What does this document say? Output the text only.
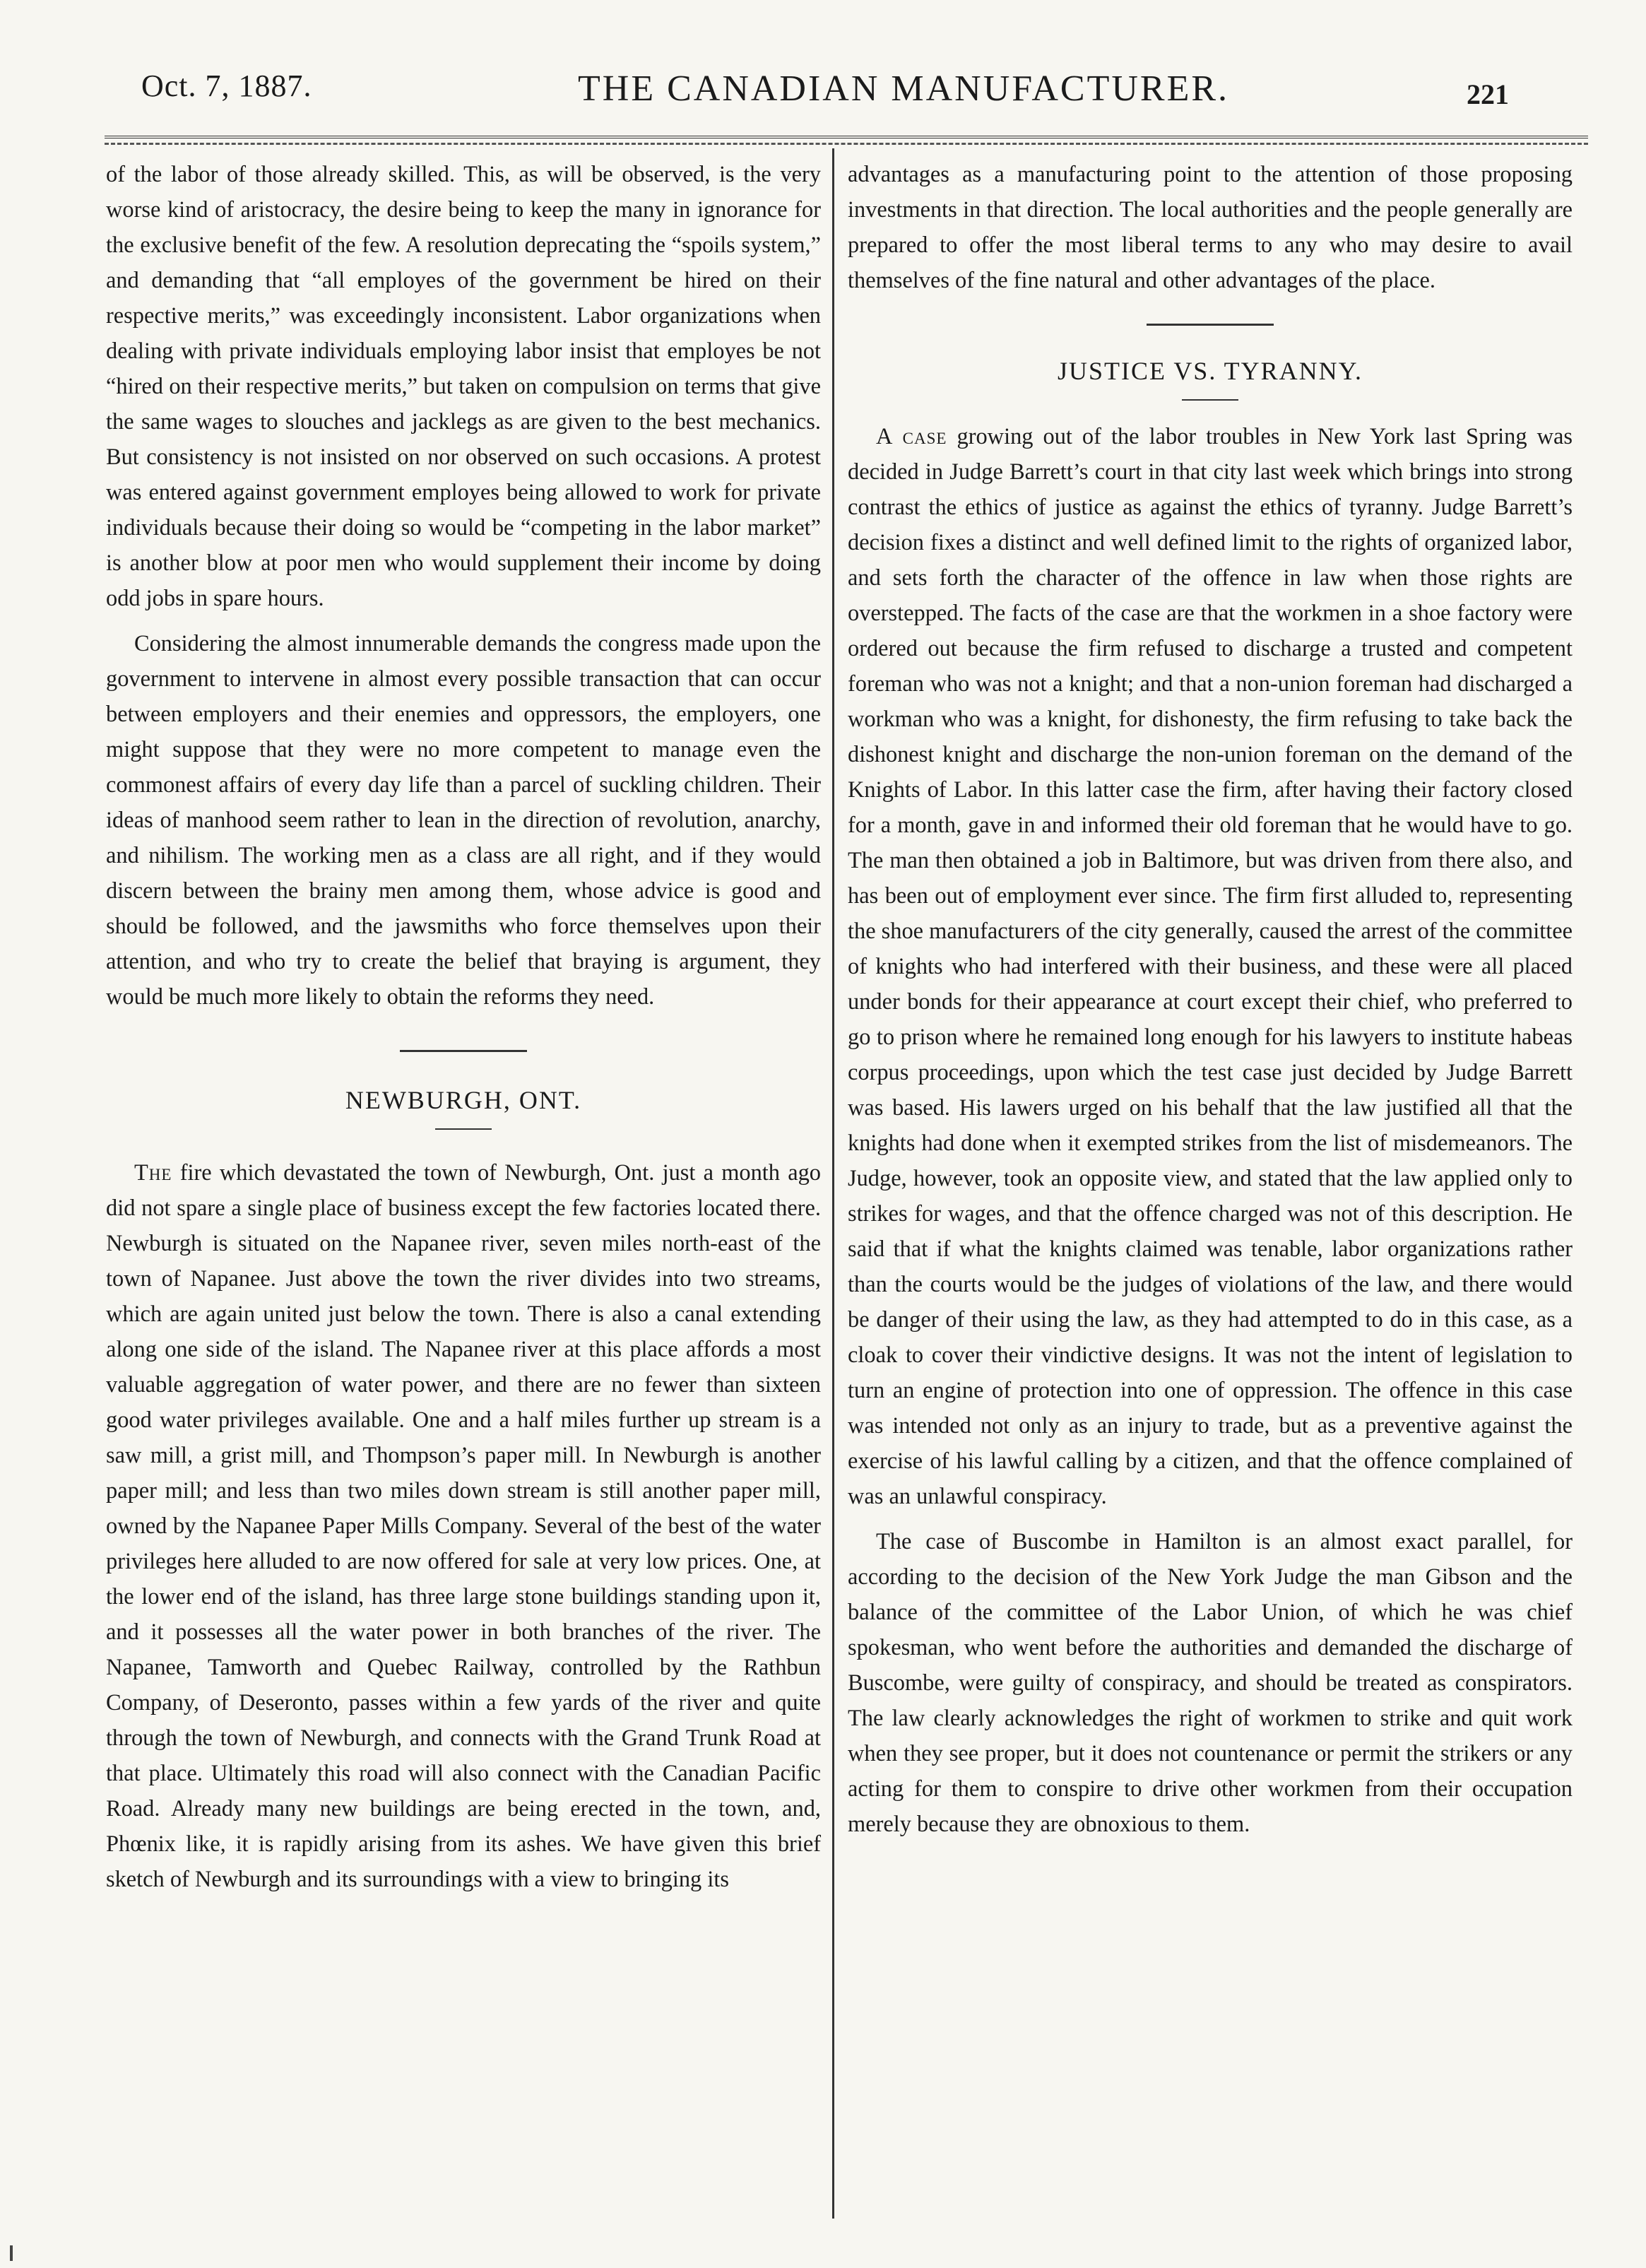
Oct. 7, 1887.	THE CANADIAN MANUFACTURER.	221

of the labor of those already skilled. This, as will be observed, is the very worse kind of aristocracy, the desire being to keep the many in ignorance for the exclusive benefit of the few. A resolution deprecating the “spoils system,” and demanding that “all employes of the government be hired on their respective merits,” was exceedingly inconsistent. Labor organizations when dealing with private individuals employing labor insist that employes be not “hired on their respective merits,” but taken on compulsion on terms that give the same wages to slouches and jacklegs as are given to the best mechanics. But consistency is not insisted on nor observed on such occasions. A protest was entered against government employes being allowed to work for private individuals because their doing so would be “competing in the labor market” is another blow at poor men who would supplement their income by doing odd jobs in spare hours.

Considering the almost innumerable demands the congress made upon the government to intervene in almost every possible transaction that can occur between employers and their enemies and oppressors, the employers, one might suppose that they were no more competent to manage even the commonest affairs of every day life than a parcel of suckling children. Their ideas of manhood seem rather to lean in the direction of revolution, anarchy, and nihilism. The working men as a class are all right, and if they would discern between the brainy men among them, whose advice is good and should be followed, and the jawsmiths who force themselves upon their attention, and who try to create the belief that braying is argument, they would be much more likely to obtain the reforms they need.

NEWBURGH, ONT.

The fire which devastated the town of Newburgh, Ont. just a month ago did not spare a single place of business except the few factories located there. Newburgh is situated on the Napanee river, seven miles north-east of the town of Napanee. Just above the town the river divides into two streams, which are again united just below the town. There is also a canal extending along one side of the island. The Napanee river at this place affords a most valuable aggregation of water power, and there are no fewer than sixteen good water privileges available. One and a half miles further up stream is a saw mill, a grist mill, and Thompson’s paper mill. In Newburgh is another paper mill; and less than two miles down stream is still another paper mill, owned by the Napanee Paper Mills Company. Several of the best of the water privileges here alluded to are now offered for sale at very low prices. One, at the lower end of the island, has three large stone buildings standing upon it, and it possesses all the water power in both branches of the river. The Napanee, Tamworth and Quebec Railway, controlled by the Rathbun Company, of Deseronto, passes within a few yards of the river and quite through the town of Newburgh, and connects with the Grand Trunk Road at that place. Ultimately this road will also connect with the Canadian Pacific Road. Already many new buildings are being erected in the town, and, Phœnix like, it is rapidly arising from its ashes. We have given this brief sketch of Newburgh and its surroundings with a view to bringing its

advantages as a manufacturing point to the attention of those proposing investments in that direction. The local authorities and the people generally are prepared to offer the most liberal terms to any who may desire to avail themselves of the fine natural and other advantages of the place.

JUSTICE VS. TYRANNY.

A case growing out of the labor troubles in New York last Spring was decided in Judge Barrett’s court in that city last week which brings into strong contrast the ethics of justice as against the ethics of tyranny. Judge Barrett’s decision fixes a distinct and well defined limit to the rights of organized labor, and sets forth the character of the offence in law when those rights are overstepped. The facts of the case are that the workmen in a shoe factory were ordered out because the firm refused to discharge a trusted and competent foreman who was not a knight; and that a non-union foreman had discharged a workman who was a knight, for dishonesty, the firm refusing to take back the dishonest knight and discharge the non-union foreman on the demand of the Knights of Labor. In this latter case the firm, after having their factory closed for a month, gave in and informed their old foreman that he would have to go. The man then obtained a job in Baltimore, but was driven from there also, and has been out of employment ever since. The firm first alluded to, representing the shoe manufacturers of the city generally, caused the arrest of the committee of knights who had interfered with their business, and these were all placed under bonds for their appearance at court except their chief, who preferred to go to prison where he remained long enough for his lawyers to institute habeas corpus proceedings, upon which the test case just decided by Judge Barrett was based. His lawers urged on his behalf that the law justified all that the knights had done when it exempted strikes from the list of misdemeanors. The Judge, however, took an opposite view, and stated that the law applied only to strikes for wages, and that the offence charged was not of this description. He said that if what the knights claimed was tenable, labor organizations rather than the courts would be the judges of violations of the law, and there would be danger of their using the law, as they had attempted to do in this case, as a cloak to cover their vindictive designs. It was not the intent of legislation to turn an engine of protection into one of oppression. The offence in this case was intended not only as an injury to trade, but as a preventive against the exercise of his lawful calling by a citizen, and that the offence complained of was an unlawful conspiracy.

The case of Buscombe in Hamilton is an almost exact parallel, for according to the decision of the New York Judge the man Gibson and the balance of the committee of the Labor Union, of which he was chief spokesman, who went before the authorities and demanded the discharge of Buscombe, were guilty of conspiracy, and should be treated as conspirators. The law clearly acknowledges the right of workmen to strike and quit work when they see proper, but it does not countenance or permit the strikers or any acting for them to conspire to drive other workmen from their occupation merely because they are obnoxious to them.
